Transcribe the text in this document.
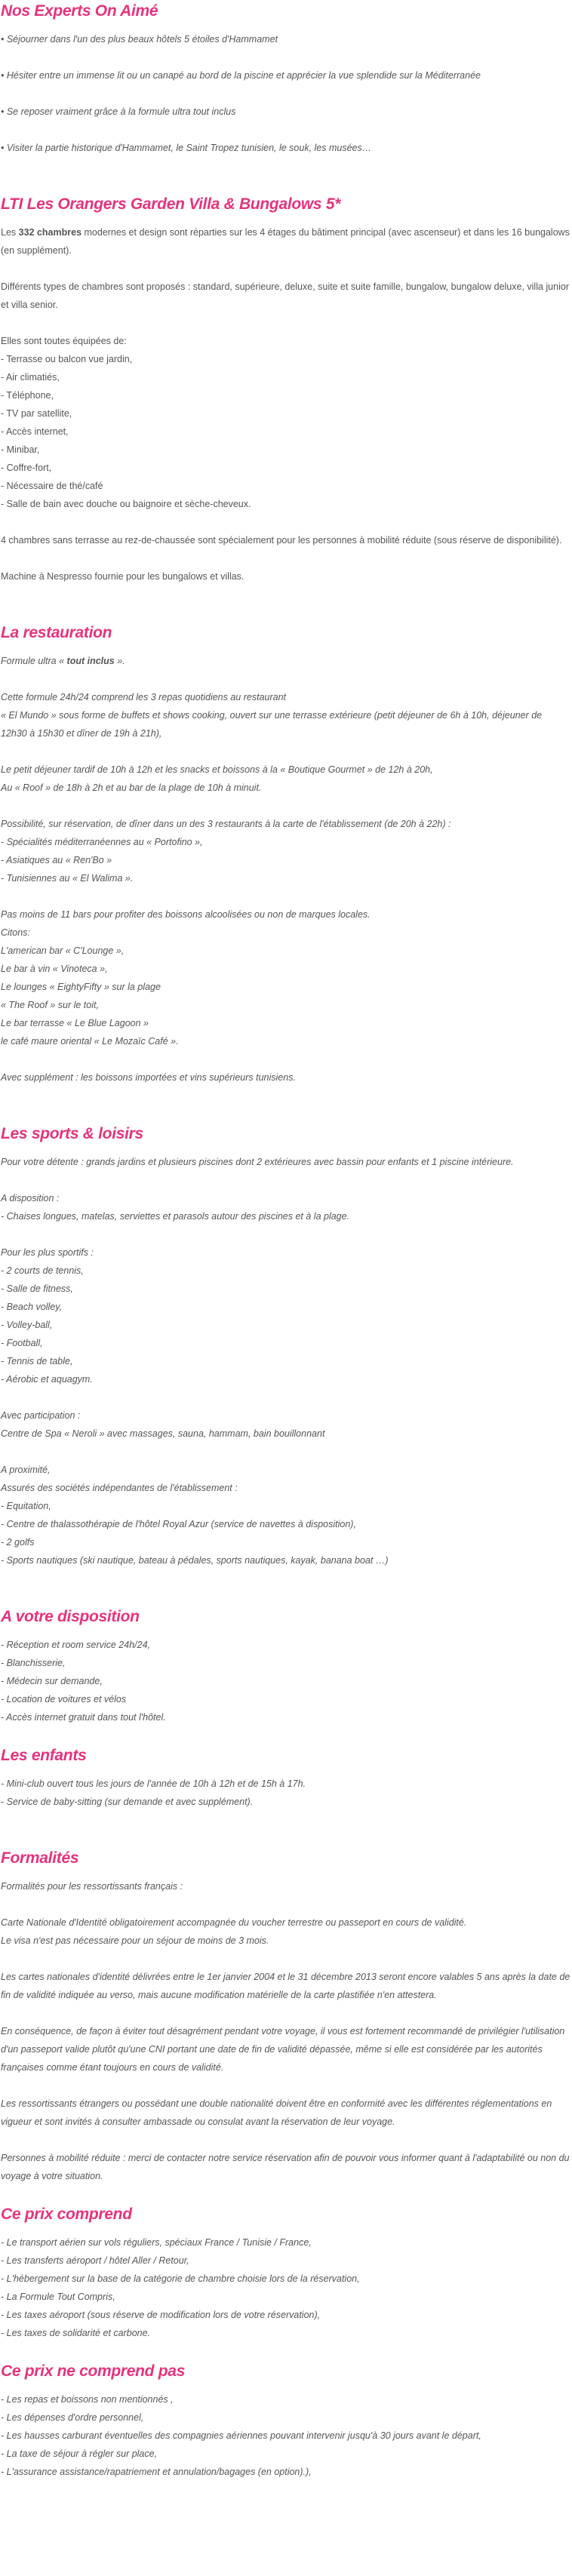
Nos Experts On Aimé
• Séjourner dans l'un des plus beaux hôtels 5 étoiles d'Hammamet
• Hésiter entre un immense lit ou un canapé au bord de la piscine et apprécier la vue splendide sur la Méditerranée
• Se reposer vraiment grâce à la formule ultra tout inclus
• Visiter la partie historique d'Hammamet, le Saint Tropez tunisien, le souk, les musées…
LTI Les Orangers Garden Villa & Bungalows 5*
Les 332 chambres modernes et design sont réparties sur les 4 étages du bâtiment principal (avec ascenseur) et dans les 16 bungalows (en supplément).
Différents types de chambres sont proposés : standard, supérieure, deluxe, suite et suite famille, bungalow, bungalow deluxe, villa junior et villa senior.
Elles sont toutes équipées de:
- Terrasse ou balcon vue jardin,
- Air climatiés,
- Téléphone,
- TV par satellite,
- Accès internet,
- Minibar,
- Coffre-fort,
- Nécessaire de thé/café
- Salle de bain avec douche ou baignoire et sèche-cheveux.
4 chambres sans terrasse au rez-de-chaussée sont spécialement pour les personnes à mobilité réduite (sous réserve de disponibilité).
Machine à Nespresso fournie pour les bungalows et villas.
La restauration
Formule ultra « tout inclus ».
Cette formule 24h/24 comprend les 3 repas quotidiens au restaurant
« El Mundo » sous forme de buffets et shows cooking, ouvert sur une terrasse extérieure (petit déjeuner de 6h à 10h, déjeuner de 12h30 à 15h30 et dîner de 19h à 21h),
Le petit déjeuner tardif de 10h à 12h et les snacks et boissons à la « Boutique Gourmet » de 12h à 20h,
Au « Roof » de 18h à 2h et au bar de la plage de 10h à minuit.
Possibilité, sur réservation, de dîner dans un des 3 restaurants à la carte de l'établissement (de 20h à 22h) :
- Spécialités méditerranéennes au « Portofino »,
- Asiatiques au « Ren'Bo »
- Tunisiennes au « El Walima ».
Pas moins de 11 bars pour profiter des boissons alcoolisées ou non de marques locales.
Citons:
L'american bar « C'Lounge »,
Le bar à vin « Vinoteca »,
Le lounges « EightyFifty » sur la plage
« The Roof » sur le toit,
Le bar terrasse « Le Blue Lagoon »
le café maure oriental « Le Mozaïc Café ».
Avec supplément : les boissons importées et vins supérieurs tunisiens.
Les sports & loisirs
Pour votre détente : grands jardins et plusieurs piscines dont 2 extérieures avec bassin pour enfants et 1 piscine intérieure.
A disposition :
- Chaises longues, matelas, serviettes et parasols autour des piscines et à la plage.
Pour les plus sportifs :
- 2 courts de tennis,
- Salle de fitness,
- Beach volley,
- Volley-ball,
- Football,
- Tennis de table,
- Aérobic et aquagym.
Avec participation :
Centre de Spa « Neroli » avec massages, sauna, hammam, bain bouillonnant
A proximité,
Assurés des sociétés indépendantes de l'établissement :
- Equitation,
- Centre de thalassothérapie de l'hôtel Royal Azur (service de navettes à disposition),
- 2 golfs
- Sports nautiques (ski nautique, bateau à pédales, sports nautiques, kayak, banana boat …)
A votre disposition
- Réception et room service 24h/24,
- Blanchisserie,
- Médecin sur demande,
- Location de voitures et vélos
- Accès internet gratuit dans tout l'hôtel.
Les enfants
- Mini-club ouvert tous les jours de l'année de 10h à 12h et de 15h à 17h.
- Service de baby-sitting (sur demande et avec supplément).
Formalités
Formalités pour les ressortissants français :
Carte Nationale d'Identité obligatoirement accompagnée du voucher terrestre ou passeport en cours de validité.
Le visa n'est pas nécessaire pour un séjour de moins de 3 mois.
Les cartes nationales d'identité délivrées entre le 1er janvier 2004 et le 31 décembre 2013 seront encore valables 5 ans après la date de fin de validité indiquée au verso, mais aucune modification matérielle de la carte plastifiée n'en attestera.
En conséquence, de façon à éviter tout désagrément pendant votre voyage, il vous est fortement recommandé de privilégier l'utilisation d'un passeport valide plutôt qu'une CNI portant une date de fin de validité dépassée, même si elle est considérée par les autorités françaises comme étant toujours en cours de validité.
Les ressortissants étrangers ou possédant une double nationalité doivent être en conformité avec les différentes réglementations en vigueur et sont invités à consulter ambassade ou consulat avant la réservation de leur voyage.
Personnes à mobilité réduite : merci de contacter notre service réservation afin de pouvoir vous informer quant à l'adaptabilité ou non du voyage à votre situation.
Ce prix comprend
- Le transport aérien sur vols réguliers, spéciaux France / Tunisie / France,
- Les transferts aéroport / hôtel Aller / Retour,
- L'hébergement sur la base de la catégorie de chambre choisie lors de la réservation,
- La Formule Tout Compris,
- Les taxes aéroport (sous réserve de modification lors de votre réservation),
- Les taxes de solidarité et carbone.
Ce prix ne comprend pas
- Les repas et boissons non mentionnés ,
- Les dépenses d'ordre personnel,
- Les hausses carburant éventuelles des compagnies aériennes pouvant intervenir jusqu'à 30 jours avant le départ,
- La taxe de séjour à régler sur place,
- L'assurance assistance/rapatriement et annulation/bagages (en option).),
